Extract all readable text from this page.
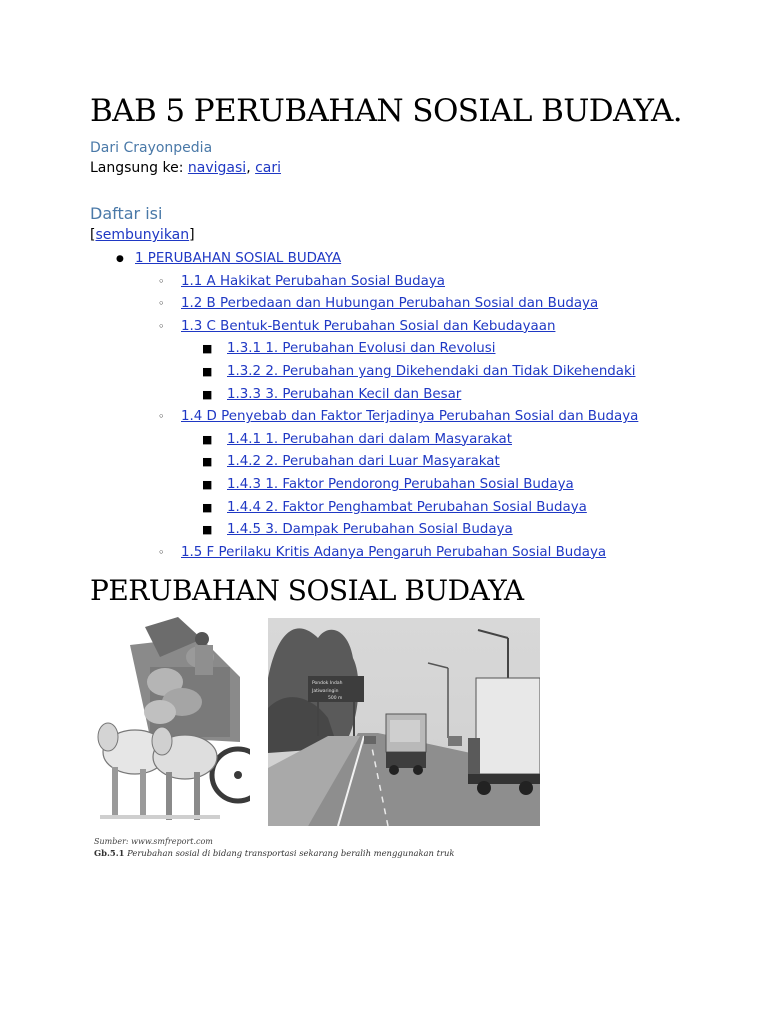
BAB 5 PERUBAHAN SOSIAL BUDAYA.
Dari Crayonpedia
Langsung ke: navigasi, cari
Daftar isi
[sembunyikan]
● 1 PERUBAHAN SOSIAL BUDAYA
◦ 1.1 A Hakikat Perubahan Sosial Budaya
◦ 1.2 B Perbedaan dan Hubungan Perubahan Sosial dan Budaya
◦ 1.3 C Bentuk-Bentuk Perubahan Sosial dan Kebudayaan
■ 1.3.1 1. Perubahan Evolusi dan Revolusi
■ 1.3.2 2. Perubahan yang Dikehendaki dan Tidak Dikehendaki
■ 1.3.3 3. Perubahan Kecil dan Besar
◦ 1.4 D Penyebab dan Faktor Terjadinya Perubahan Sosial dan Budaya
■ 1.4.1 1. Perubahan dari dalam Masyarakat
■ 1.4.2 2. Perubahan dari Luar Masyarakat
■ 1.4.3 1. Faktor Pendorong Perubahan Sosial Budaya
■ 1.4.4 2. Faktor Penghambat Perubahan Sosial Budaya
■ 1.4.5 3. Dampak Perubahan Sosial Budaya
◦ 1.5 F Perilaku Kritis Adanya Pengaruh Perubahan Sosial Budaya
PERUBAHAN SOSIAL BUDAYA
Pondok Indah
Jatiwaringin
500 m
Sumber: www.smfreport.com
Gb.5.1 Perubahan sosial di bidang transportasi sekarang beralih menggunakan truk
